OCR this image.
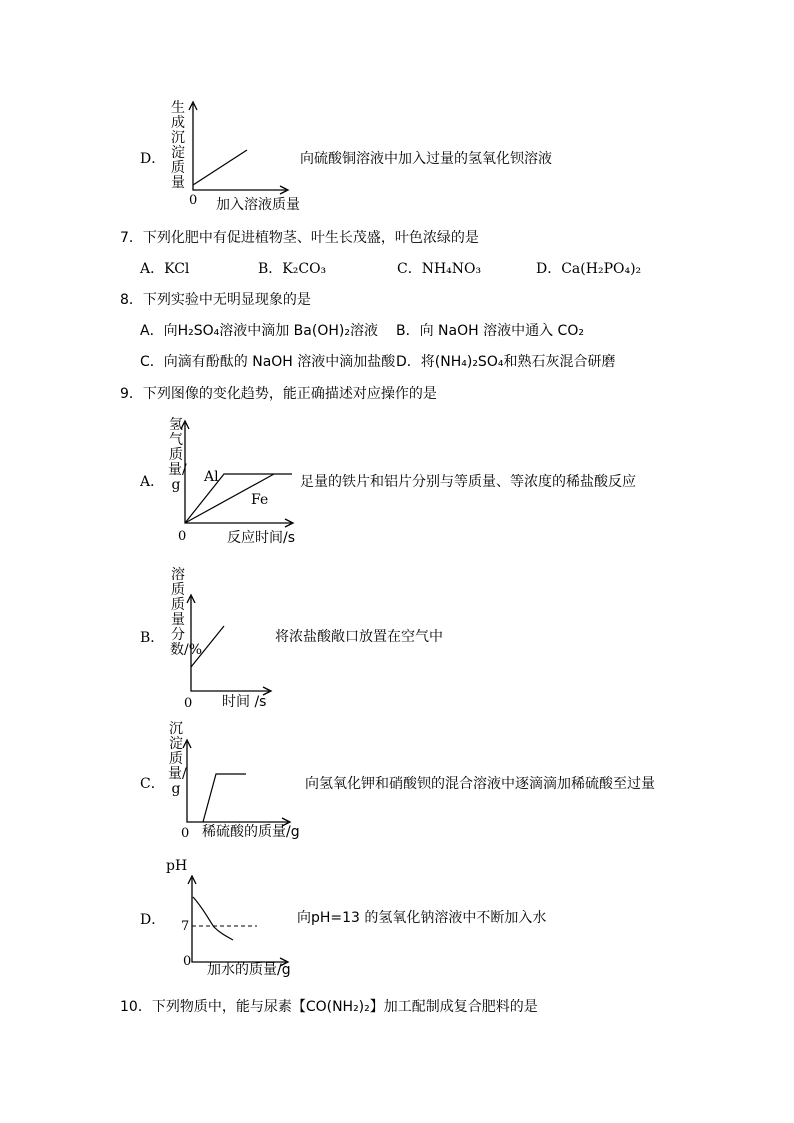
D．
生成沉淀质量
0 加入溶液质量
向硫酸铜溶液中加入过量的氢氧化钡溶液
7．下列化肥中有促进植物茎、叶生长茂盛，叶色浓绿的是
A．KCl	B．K₂CO₃	C．NH₄NO₃	D．Ca(H₂PO₄)₂
8．下列实验中无明显现象的是
A．向H₂SO₄溶液中滴加 Ba(OH)₂溶液 B．向 NaOH 溶液中通入 CO₂
C．向滴有酚酞的 NaOH 溶液中滴加盐酸 D．将(NH₄)₂SO₄和熟石灰混合研磨
9．下列图像的变化趋势，能正确描述对应操作的是
A．
氢气质量/g Al
Fe
0	反应时间/s
足量的铁片和铝片分别与等质量、等浓度的稀盐酸反应
B．
溶质质量分数/%
0 时间 /s
将浓盐酸敞口放置在空气中
C．
沉淀质量/g
0 稀硫酸的质量/g
向氢氧化钾和硝酸钡的混合溶液中逐滴滴加稀硫酸至过量
D．
pH
7
0
加水的质量/g
向pH=13 的氢氧化钠溶液中不断加入水
10．下列物质中，能与尿素【CO(NH₂)₂】加工配制成复合肥料的是
